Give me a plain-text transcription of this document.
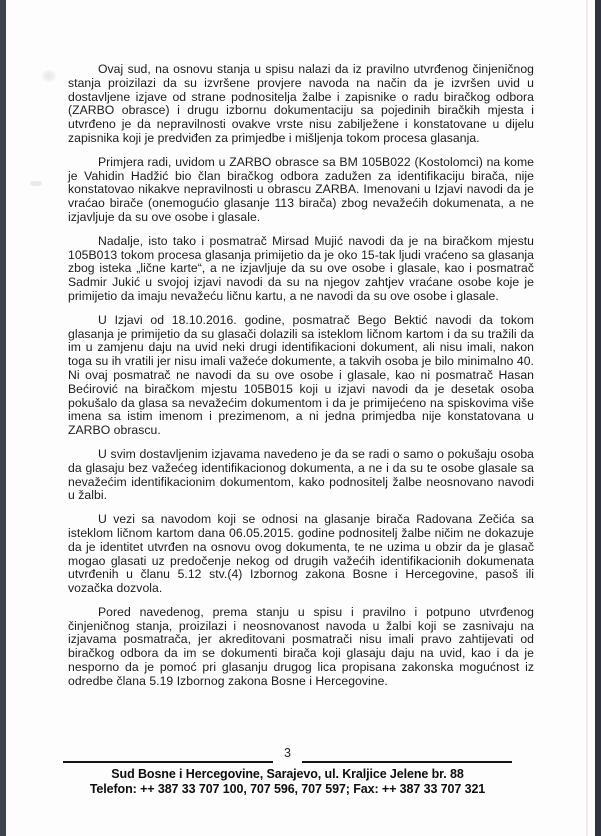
Ovaj sud, na osnovu stanja u spisu nalazi da iz pravilno utvrđenog činjeničnog stanja proizilazi da su izvršene provjere navoda na način da je izvršen uvid u dostavljene izjave od strane podnositelja žalbe i zapisnike o radu biračkog odbora (ZARBO obrasce) i drugu izbornu dokumentaciju sa pojedinih biračkih mjesta i utvrđeno je da nepravilnosti ovakve vrste nisu zabilježene i konstatovane u dijelu zapisnika koji je predviđen za primjedbe i mišljenja tokom procesa glasanja.

Primjera radi, uvidom u ZARBO obrasce sa BM 105B022 (Kostolomci) na kome je Vahidin Hadžić bio član biračkog odbora zadužen za identifikaciju birača, nije konstatovao nikakve nepravilnosti u obrascu ZARBA. Imenovani u Izjavi navodi da je vraćao birače (onemogućio glasanje 113 birača) zbog nevažećih dokumenata, a ne izjavljuje da su ove osobe i glasale.

Nadalje, isto tako i posmatrač Mirsad Mujić navodi da je na biračkom mjestu 105B013 tokom procesa glasanja primijetio da je oko 15-tak ljudi vraćeno sa glasanja zbog isteka „lične karte“, a ne izjavljuje da su ove osobe i glasale, kao i posmatrač Sadmir Jukić u svojoj izjavi navodi da su na njegov zahtjev vraćane osobe koje je primijetio da imaju nevažeću ličnu kartu, a ne navodi da su ove osobe i glasale.

U Izjavi od 18.10.2016. godine, posmatrač Bego Bektić navodi da tokom glasanja je primijetio da su glasači dolazili sa isteklom ličnom kartom i da su tražili da im u zamjenu daju na uvid neki drugi identifikacioni dokument, ali nisu imali, nakon toga su ih vratili jer nisu imali važeće dokumente, a takvih osoba je bilo minimalno 40. Ni ovaj posmatrač ne navodi da su ove osobe i glasale, kao ni posmatrač Hasan Bećirović na biračkom mjestu 105B015 koji u izjavi navodi da je desetak osoba pokušalo da glasa sa nevažećim dokumentom i da je primijećeno na spiskovima više imena sa istim imenom i prezimenom, a ni jedna primjedba nije konstatovana u ZARBO obrascu.

U svim dostavljenim izjavama navedeno je da se radi o samo o pokušaju osoba da glasaju bez važećeg identifikacionog dokumenta, a ne i da su te osobe glasale sa nevažećim identifikacionim dokumentom, kako podnositelj žalbe neosnovano navodi u žalbi.

U vezi sa navodom koji se odnosi na glasanje birača Radovana Zečića sa isteklom ličnom kartom dana 06.05.2015. godine podnositelj žalbe ničim ne dokazuje da je identitet utvrđen na osnovu ovog dokumenta, te ne uzima u obzir da je glasač mogao glasati uz predočenje nekog od drugih važećih identifikacionih dokumenata utvrđenih u članu 5.12 stv.(4) Izbornog zakona Bosne i Hercegovine, pasoš ili vozačka dozvola.

Pored navedenog, prema stanju u spisu i pravilno i potpuno utvrđenog činjeničnog stanja, proizilazi i neosnovanost navoda u žalbi koji se zasnivaju na izjavama posmatrača, jer akreditovani posmatrači nisu imali pravo zahtijevati od biračkog odbora da im se dokumenti birača koji glasaju daju na uvid, kao i da je nesporno da je pomoć pri glasanju drugog lica propisana zakonska mogućnost iz odredbe člana 5.19 Izbornog zakona Bosne i Hercegovine.

3
Sud Bosne i Hercegovine, Sarajevo, ul. Kraljice Jelene br. 88
Telefon: ++ 387 33 707 100, 707 596, 707 597; Fax: ++ 387 33 707 321
